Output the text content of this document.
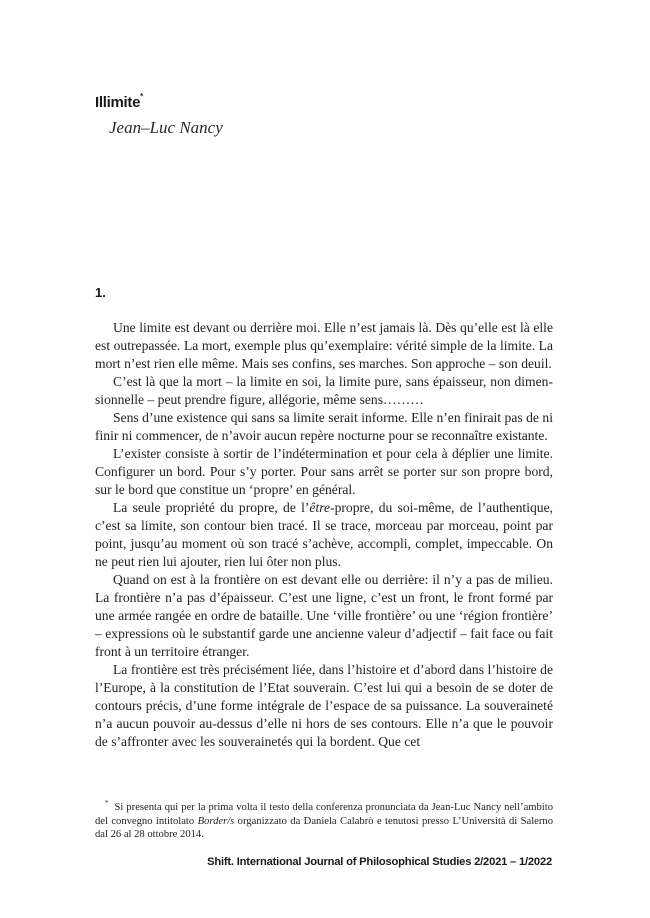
Illimite*
Jean–Luc Nancy
1.

Une limite est devant ou derrière moi. Elle n’est jamais là. Dès qu’elle est là elle est outrepassée. La mort, exemple plus qu’exemplaire: vérité simple de la limite. La mort n’est rien elle même. Mais ses confins, ses marches. Son approche – son deuil.

C’est là que la mort – la limite en soi, la limite pure, sans épaisseur, non dimensionnelle – peut prendre figure, allégorie, même sens………

Sens d’une existence qui sans sa limite serait informe. Elle n’en finirait pas de ni finir ni commencer, de n’avoir aucun repère nocturne pour se reconnaître existante.

L’exister consiste à sortir de l’indétermination et pour cela à déplier une limite. Configurer un bord. Pour s’y porter. Pour sans arrêt se porter sur son propre bord, sur le bord que constitue un ‘propre’ en général.

La seule propriété du propre, de l’être-propre, du soi-même, de l’authentique, c’est sa limite, son contour bien tracé. Il se trace, morceau par morceau, point par point, jusqu’au moment où son tracé s’achève, accompli, complet, impeccable. On ne peut rien lui ajouter, rien lui ôter non plus.

Quand on est à la frontière on est devant elle ou derrière: il n’y a pas de milieu. La frontière n’a pas d’épaisseur. C’est une ligne, c’est un front, le front formé par une armée rangée en ordre de bataille. Une ‘ville frontière’ ou une ‘région frontière’ – expressions où le substantif garde une ancienne valeur d’adjectif – fait face ou fait front à un territoire étranger.

La frontière est très précisément liée, dans l’histoire et d’abord dans l’histoire de l’Europe, à la constitution de l’Etat souverain. C’est lui qui a besoin de se doter de contours précis, d’une forme intégrale de l’espace de sa puissance. La souveraineté n’a aucun pouvoir au-dessus d’elle ni hors de ses contours. Elle n’a que le pouvoir de s’affronter avec les souverainetés qui la bordent. Que cet

* Si presenta qui per la prima volta il testo della conferenza pronunciata da Jean-Luc Nancy nell’ambito del convegno intitolato Border/s organizzato da Daniela Calabrò e tenutosi presso L’Università di Salerno dal 26 al 28 ottobre 2014.
Shift. International Journal of Philosophical Studies 2/2021 – 1/2022
